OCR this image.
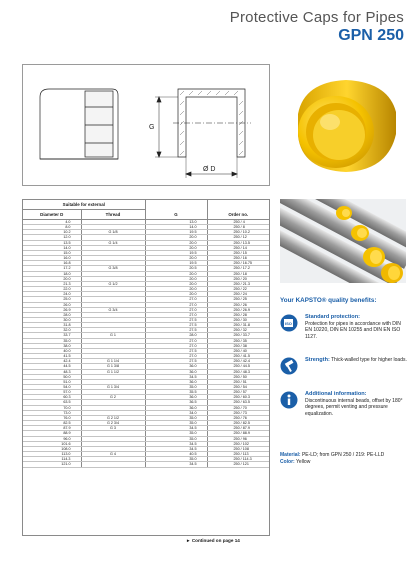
Protective Caps for Pipes
GPN 250
G
Ø D
Suitable for external			
Diameter D	Thread	G	Order no.
4.0		13.0	250 / 4
8.0		14.0	250 / 8
10.2	G 1/8	19.5	250 / 10.2
12.0		20.0	250 / 12
13.5	G 1/4	20.0	250 / 13.5
14.0		20.0	250 / 14
15.0		19.5	250 / 15
16.0		20.0	250 / 16
16.8		19.5	250 / 16.75
17.2	G 3/8	20.5	250 / 17.2
18.0		20.0	250 / 18
20.0		20.0	250 / 20
21.3	G 1/2	20.0	250 / 21.3
22.0		20.0	250 / 22
24.0		20.0	250 / 24
25.0		27.0	250 / 25
26.0		27.0	250 / 26
26.9	G 3/4	27.0	250 / 26.9
28.0		27.0	250 / 28
30.0		27.5	250 / 30
31.8		27.5	250 / 31.8
32.0		27.5	250 / 32
33.7	G 1	28.0	250 / 33.7
35.0		27.0	250 / 35
38.0		27.0	250 / 38
40.0		27.5	250 / 40
41.5		27.0	250 / 41.5
42.4	G 1 1/4	27.5	250 / 42.4
44.5	G 1 3/8	36.0	250 / 44.5
48.3	G 1 1/2	36.0	250 / 48.3
50.0		34.5	250 / 50
51.0		36.0	250 / 51
54.0	G 1 3/4	35.0	250 / 54
57.0		35.5	250 / 57
60.3	G 2	36.0	250 / 60.3
63.5		36.5	250 / 63.5
70.0		36.0	250 / 70
73.0		34.0	250 / 73
76.0	G 2 1/2	35.0	250 / 76
82.5	G 2 3/4	35.0	250 / 82.5
87.9	G 3	34.5	250 / 87.9
88.9		35.0	250 / 88.9
96.0		35.0	250 / 96
101.6		34.5	250 / 102
108.0		34.5	250 / 108
113.0	G 4	40.5	250 / 113
114.3		35.0	250 / 114.3
121.0		34.5	250 / 121
► Continued on page 14
Your KAPSTO® quality benefits:
ISO
Standard protection:
Protection for pipes in accordance with DIN EN 10220, DIN EN 10255 and DIN EN ISO 1127.
Strength: Thick-walled type for higher loads.
Additional information:
Discontinuous internal beads, offset by 180° degrees, permit venting and pressure equalization.
Material: PE-LD; from GPN 250 / 219: PE-LLD
Color: Yellow
